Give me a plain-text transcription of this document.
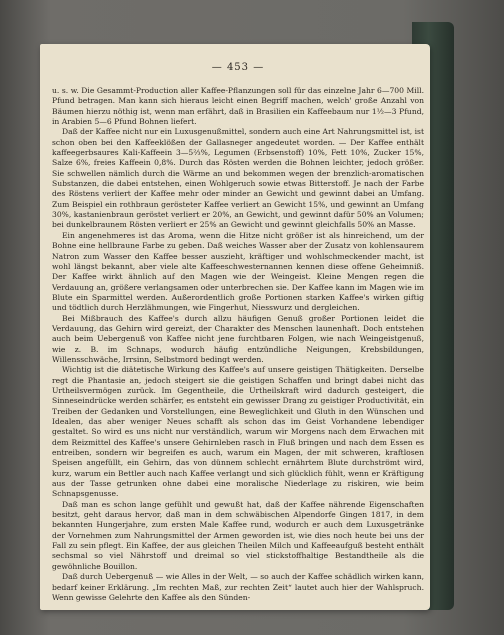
— 453 —

u. s. w. Die Gesammt-Production aller Kaffee-Pflanzungen soll für das einzelne Jahr 6—700 Mill. Pfund betragen. Man kann sich hieraus leicht einen Begriff machen, welch' große Anzahl von Bäumen hierzu nöthig ist, wenn man erfährt, daß in Brasilien ein Kaffeebaum nur 1½—3 Pfund, in Arabien 5—6 Pfund Bohnen liefert.

Daß der Kaffee nicht nur ein Luxusgenußmittel, sondern auch eine Art Nahrungsmittel ist, ist schon oben bei den Kaffeeklößen der Gallasneger angedeutet worden. — Der Kaffee enthält kaffeegerbsaures Kali-Kaffeein 3—5⅔%, Legumen (Erbsenstoff) 10%, Fett 10%, Zucker 15%, Salze 6%, freies Kaffeein 0,8%. Durch das Rösten werden die Bohnen leichter, jedoch größer. Sie schwellen nämlich durch die Wärme an und bekommen wegen der brenzlich-aromatischen Substanzen, die dabei entstehen, einen Wohlgeruch sowie etwas Bitterstoff. Je nach der Farbe des Röstens verliert der Kaffee mehr oder minder an Gewicht und gewinnt dabei an Umfang. Zum Beispiel ein rothbraun gerösteter Kaffee verliert an Gewicht 15%, und gewinnt an Umfang 30%, kastanienbraun geröstet verliert er 20%, an Gewicht, und gewinnt dafür 50% an Volumen; bei dunkelbraunem Rösten verliert er 25% an Gewicht und gewinnt gleichfalls 50% an Masse.

Ein angenehmeres ist das Aroma, wenn die Hitze nicht größer ist als hinreichend, um der Bohne eine hellbraune Farbe zu geben. Daß weiches Wasser aber der Zusatz von kohlensaurem Natron zum Wasser den Kaffee besser auszieht, kräftiger und wohlschmeckender macht, ist wohl längst bekannt, aber viele alte Kaffeeschwesternannen kennen diese offene Geheimniß. Der Kaffee wirkt ähnlich auf den Magen wie der Weingeist. Kleine Mengen regen die Verdauung an, größere verlangsamen oder unterbrechen sie. Der Kaffee kann im Magen wie im Blute ein Sparmittel werden. Außerordentlich große Portionen starken Kaffee's wirken giftig und tödtlich durch Herzlähmungen, wie Fingerhut, Niesswurz und dergleichen.

Bei Mißbrauch des Kaffee's durch allzu häufigen Genuß großer Portionen leidet die Verdauung, das Gehirn wird gereizt, der Charakter des Menschen launenhaft. Doch entstehen auch beim Uebergenuß von Kaffee nicht jene furchtbaren Folgen, wie nach Weingeistgenuß, wie z. B. im Schnaps, wodurch häufig entzündliche Neigungen, Krebsbildungen, Willensschwäche, Irrsinn, Selbstmord bedingt werden.

Wichtig ist die diätetische Wirkung des Kaffee's auf unsere geistigen Thätigkeiten. Derselbe regt die Phantasie an, jedoch steigert sie die geistigen Schaffen und bringt dabei nicht das Urtheilsvermögen zurück. Im Gegentheile, die Urtheilskraft wird dadurch gesteigert, die Sinneseindrücke werden schärfer, es entsteht ein gewisser Drang zu geistiger Productivität, ein Treiben der Gedanken und Vorstellungen, eine Beweglichkeit und Gluth in den Wünschen und Idealen, das aber weniger Neues schafft als schon das im Geist Vorhandene lebendiger gestaltet. So wird es uns nicht nur verständlich, warum wir Morgens nach dem Erwachen mit dem Reizmittel des Kaffee's unsere Gehirnleben rasch in Fluß bringen und nach dem Essen es entreiben, sondern wir begreifen es auch, warum ein Magen, der mit schweren, kraftlosen Speisen angefüllt, ein Gehirn, das von dünnem schlecht ernährtem Blute durchströmt wird, kurz, warum ein Bettler auch nach Kaffee verlangt und sich glücklich fühlt, wenn er Kräftigung aus der Tasse getrunken ohne dabei eine moralische Niederlage zu riskiren, wie beim Schnapsgenusse.

Daß man es schon lange gefühlt und gewußt hat, daß der Kaffee nährende Eigenschaften besitzt, geht daraus hervor, daß man in dem schwäbischen Alpendorfe Gingen 1817, in dem bekannten Hungerjahre, zum ersten Male Kaffee rund, wodurch er auch dem Luxusgetränke der Vornehmen zum Nahrungsmittel der Armen geworden ist, wie dies noch heute bei uns der Fall zu sein pflegt. Ein Kaffee, der aus gleichen Theilen Milch und Kaffeeaufguß besteht enthält sechsmal so viel Nährstoff und dreimal so viel stickstoffhaltige Bestandtheile als die gewöhnliche Bouillon.

Daß durch Uebergenuß — wie Alles in der Welt, — so auch der Kaffee schädlich wirken kann, bedarf keiner Erklärung. „Im rechten Maß, zur rechten Zeit“ lautet auch hier der Wahlspruch. Wenn gewisse Gelehrte den Kaffee als den Sünden-
